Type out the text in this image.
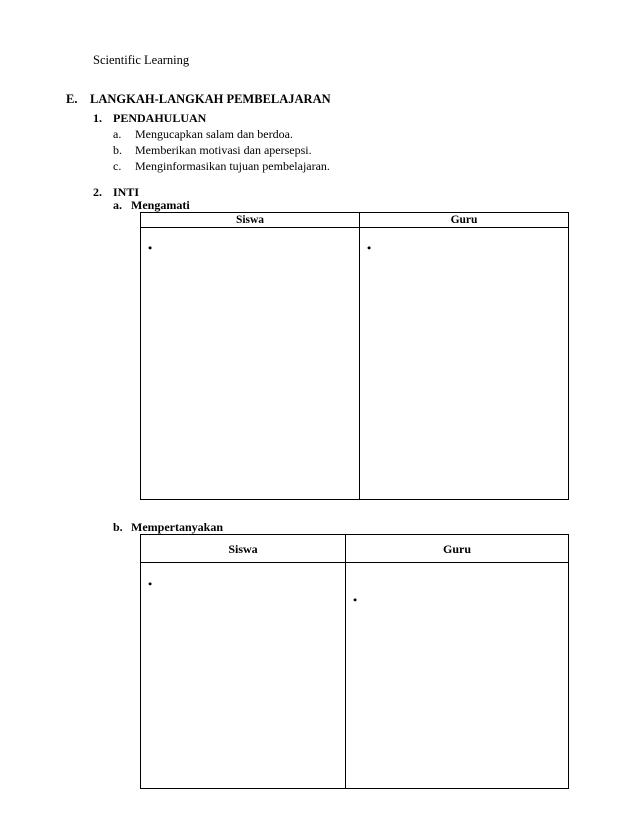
Scientific Learning
E. LANGKAH-LANGKAH PEMBELAJARAN
1. PENDAHULUAN
a. Mengucapkan salam dan berdoa.
b. Memberikan motivasi dan apersepsi.
c. Menginformasikan tujuan pembelajaran.
2. INTI
a. Mengamati
Siswa	Guru

b. Mempertanyakan
Siswa	Guru
